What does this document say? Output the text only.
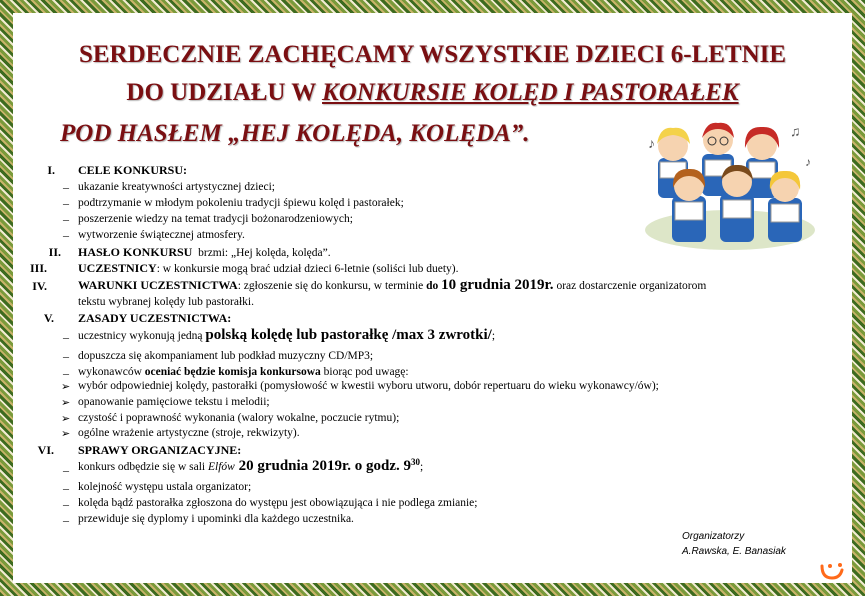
SERDECZNIE ZACHĘCAMY WSZYSTKIE DZIECI 6-LETNIE
DO UDZIAŁU W KONKURSIE KOLĘD I PASTORAŁEK
POD HASŁEM „HEJ KOLĘDA, KOLĘDA”.	♪
♫
♪
I. CELE KONKURSU:
– ukazanie kreatywności artystycznej dzieci;
– podtrzymanie w młodym pokoleniu tradycji śpiewu kolęd i pastorałek;
– poszerzenie wiedzy na temat tradycji bożonarodzeniowych;
– wytworzenie świątecznej atmosfery.
II. HASŁO KONKURSU brzmi: „Hej kolęda, kolęda”.
III.	UCZESTNICY: w konkursie mogą brać udział dzieci 6-letnie (soliści lub duety).
IV.	WARUNKI UCZESTNICTWA: zgłoszenie się do konkursu, w terminie do 10 grudnia 2019r. oraz dostarczenie organizatorom
tekstu wybranej kolędy lub pastorałki.
V. ZASADY UCZESTNICTWA:
– uczestnicy wykonują jedną polską kolędę lub pastorałkę /max 3 zwrotki/;
– dopuszcza się akompaniament lub podkład muzyczny CD/MP3;
– wykonawców oceniać będzie komisja konkursowa biorąc pod uwagę:
➢ wybór odpowiedniej kolędy, pastorałki (pomysłowość w kwestii wyboru utworu, dobór repertuaru do wieku wykonawcy/ów);
➢ opanowanie pamięciowe tekstu i melodii;
➢ czystość i poprawność wykonania (walory wokalne, poczucie rytmu);
➢ ogólne wrażenie artystyczne (stroje, rekwizyty).
VI. SPRAWY ORGANIZACYJNE:
– konkurs odbędzie się w sali Elfów 20 grudnia 2019r. o godz. $9^{30}$;
– kolejność występu ustala organizator;
– kolęda bądź pastorałka zgłoszona do występu jest obowiązująca i nie podlega zmianie;
– przewiduje się dyplomy i upominki dla każdego uczestnika.
Organizatorzy
A.Rawska, E. Banasiak
